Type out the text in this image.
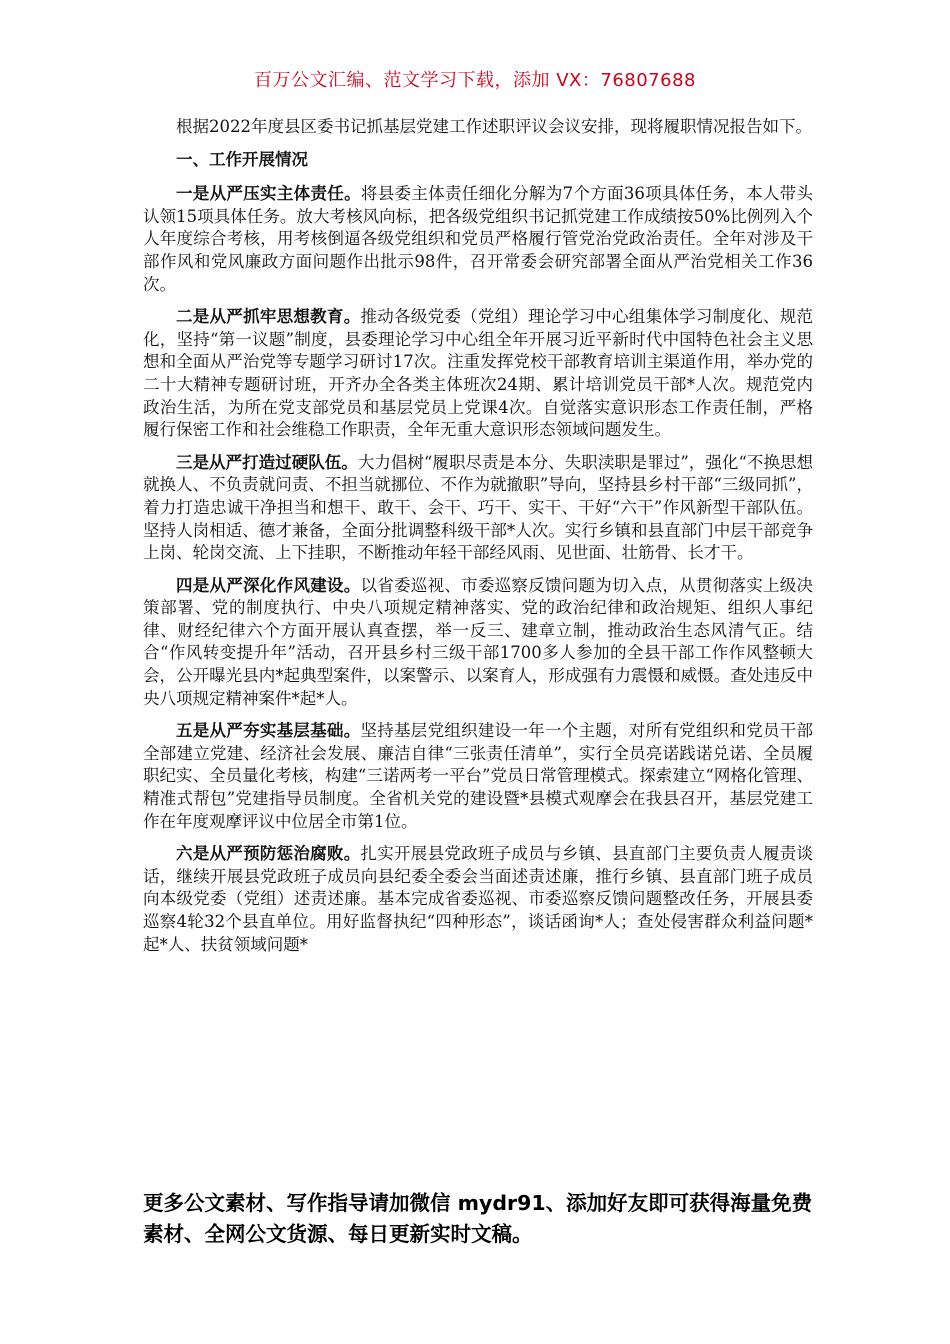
百万公文汇编、范文学习下载，添加 VX：76807688

根据2022年度县区委书记抓基层党建工作述职评议会议安排，现将履职情况报告如下。

一、工作开展情况

一是从严压实主体责任。将县委主体责任细化分解为7个方面36项具体任务，本人带头认领15项具体任务。放大考核风向标，把各级党组织书记抓党建工作成绩按50%比例列入个人年度综合考核，用考核倒逼各级党组织和党员严格履行管党治党政治责任。全年对涉及干部作风和党风廉政方面问题作出批示98件，召开常委会研究部署全面从严治党相关工作36次。

二是从严抓牢思想教育。推动各级党委（党组）理论学习中心组集体学习制度化、规范化，坚持“第一议题”制度，县委理论学习中心组全年开展习近平新时代中国特色社会主义思想和全面从严治党等专题学习研讨17次。注重发挥党校干部教育培训主渠道作用，举办党的二十大精神专题研讨班，开齐办全各类主体班次24期、累计培训党员干部*人次。规范党内政治生活，为所在党支部党员和基层党员上党课4次。自觉落实意识形态工作责任制，严格履行保密工作和社会维稳工作职责，全年无重大意识形态领域问题发生。

三是从严打造过硬队伍。大力倡树“履职尽责是本分、失职渎职是罪过”，强化“不换思想就换人、不负责就问责、不担当就挪位、不作为就撤职”导向，坚持县乡村干部“三级同抓”，着力打造忠诚干净担当和想干、敢干、会干、巧干、实干、干好“六干”作风新型干部队伍。坚持人岗相适、德才兼备，全面分批调整科级干部*人次。实行乡镇和县直部门中层干部竞争上岗、轮岗交流、上下挂职，不断推动年轻干部经风雨、见世面、壮筋骨、长才干。

四是从严深化作风建设。以省委巡视、市委巡察反馈问题为切入点，从贯彻落实上级决策部署、党的制度执行、中央八项规定精神落实、党的政治纪律和政治规矩、组织人事纪律、财经纪律六个方面开展认真查摆，举一反三、建章立制，推动政治生态风清气正。结合“作风转变提升年”活动，召开县乡村三级干部1700多人参加的全县干部工作作风整顿大会，公开曝光县内*起典型案件，以案警示、以案育人，形成强有力震慑和威慑。查处违反中央八项规定精神案件*起*人。

五是从严夯实基层基础。坚持基层党组织建设一年一个主题，对所有党组织和党员干部全部建立党建、经济社会发展、廉洁自律“三张责任清单”，实行全员亮诺践诺兑诺、全员履职纪实、全员量化考核，构建“三诺两考一平台”党员日常管理模式。探索建立“网格化管理、精准式帮包”党建指导员制度。全省机关党的建设暨*县模式观摩会在我县召开，基层党建工作在年度观摩评议中位居全市第1位。

六是从严预防惩治腐败。扎实开展县党政班子成员与乡镇、县直部门主要负责人履责谈话，继续开展县党政班子成员向县纪委全委会当面述责述廉，推行乡镇、县直部门班子成员向本级党委（党组）述责述廉。基本完成省委巡视、市委巡察反馈问题整改任务，开展县委巡察4轮32个县直单位。用好监督执纪“四种形态”，谈话函询*人；查处侵害群众利益问题*起*人、扶贫领域问题*

更多公文素材、写作指导请加微信 mydr91、添加好友即可获得海量免费素材、全网公文货源、每日更新实时文稿。
